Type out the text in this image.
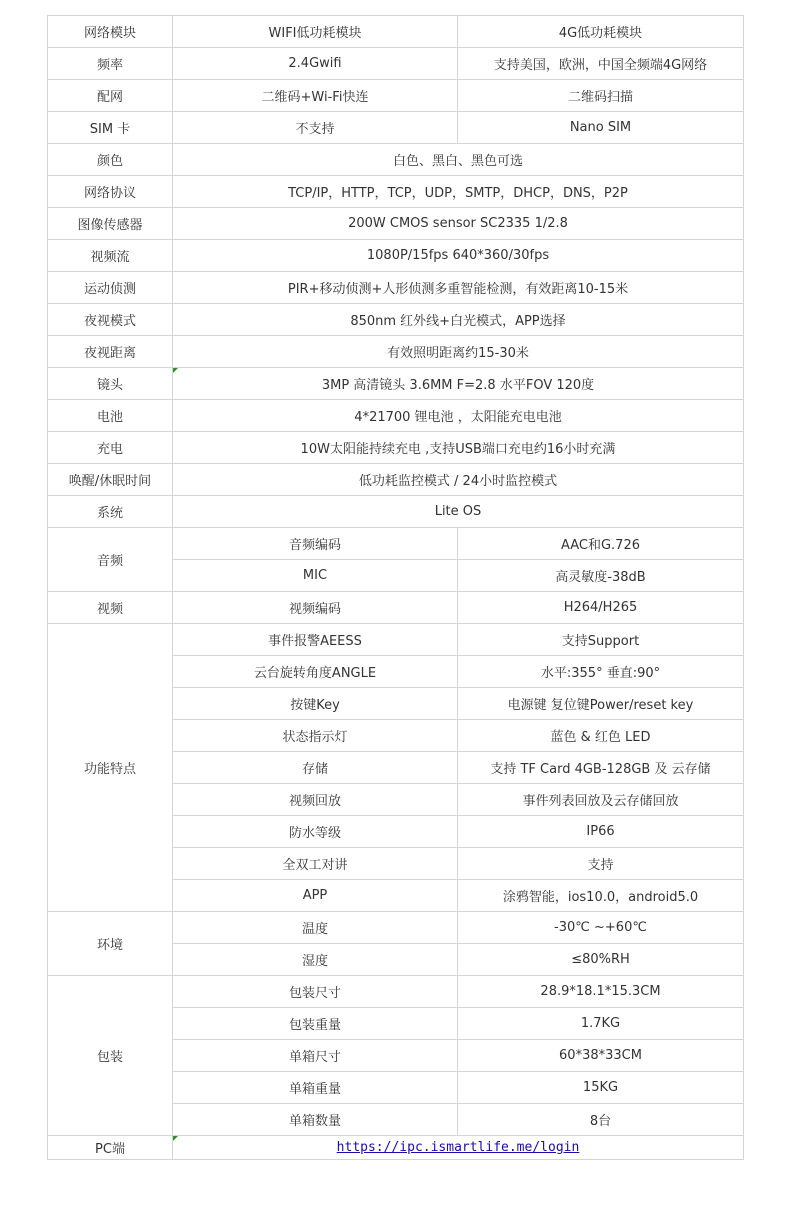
网络模块	WIFI低功耗模块	4G低功耗模块
频率	2.4Gwifi	支持美国，欧洲，中国全频端4G网络
配网	二维码+Wi-Fi快连	二维码扫描
SIM 卡	不支持	Nano SIM
颜色	白色、黑白、黑色可选	
网络协议	TCP/IP，HTTP，TCP，UDP，SMTP，DHCP，DNS，P2P	
图像传感器	200W CMOS sensor SC2335 1/2.8	
视频流	1080P/15fps 640*360/30fps	
运动侦测	PIR+移动侦测+人形侦测多重智能检测，有效距离10-15米	
夜视模式	850nm 红外线+白光模式，APP选择	
夜视距离	有效照明距离约15-30米	
镜头	3MP 高清镜头 3.6MM F=2.8 水平FOV 120度	
电池	4*21700 锂电池 ，太阳能充电电池	
充电	10W太阳能持续充电 ,支持USB端口充电约16小时充满	
唤醒/休眠时间	低功耗监控模式 / 24小时监控模式	
系统	Lite OS	
音频	音频编码	AAC和G.726
	MIC	高灵敏度-38dB
视频	视频编码	H264/H265
功能特点	事件报警AEESS	支持Support
	云台旋转角度ANGLE	水平:355° 垂直:90°
	按键Key	电源键 复位键Power/reset key
	状态指示灯	蓝色 & 红色 LED
	存储	支持 TF Card 4GB-128GB 及 云存储
	视频回放	事件列表回放及云存储回放
	防水等级	IP66
	全双工对讲	支持
	APP	涂鸦智能，ios10.0，android5.0
环境	温度	-30℃ ~+60℃
	湿度	≤80%RH
包装	包装尺寸	28.9*18.1*15.3CM
	包装重量	1.7KG
	单箱尺寸	60*38*33CM
	单箱重量	15KG
	单箱数量	8台
PC端	https://ipc.ismartlife.me/login	
